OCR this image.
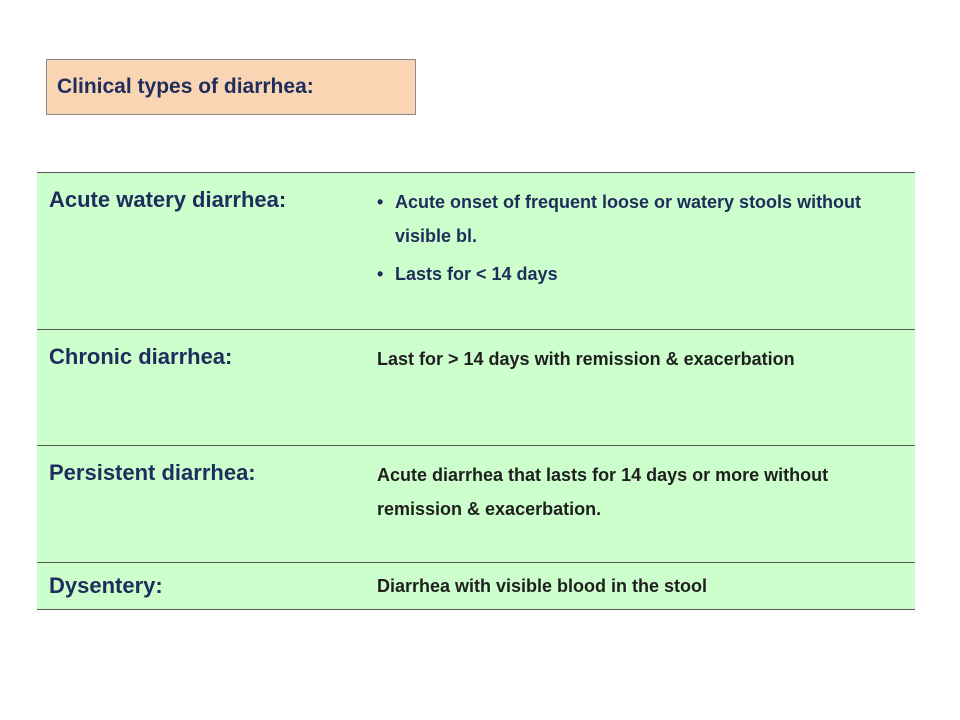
Clinical types of diarrhea:
Acute watery diarrhea:
•	Acute onset of frequent loose or watery stools without visible bl.
• Lasts for < 14 days
Chronic diarrhea:	Last for > 14 days with remission & exacerbation
Persistent diarrhea:	Acute diarrhea that lasts for 14 days or more without remission & exacerbation.
Dysentery:	Diarrhea with visible blood in the stool
